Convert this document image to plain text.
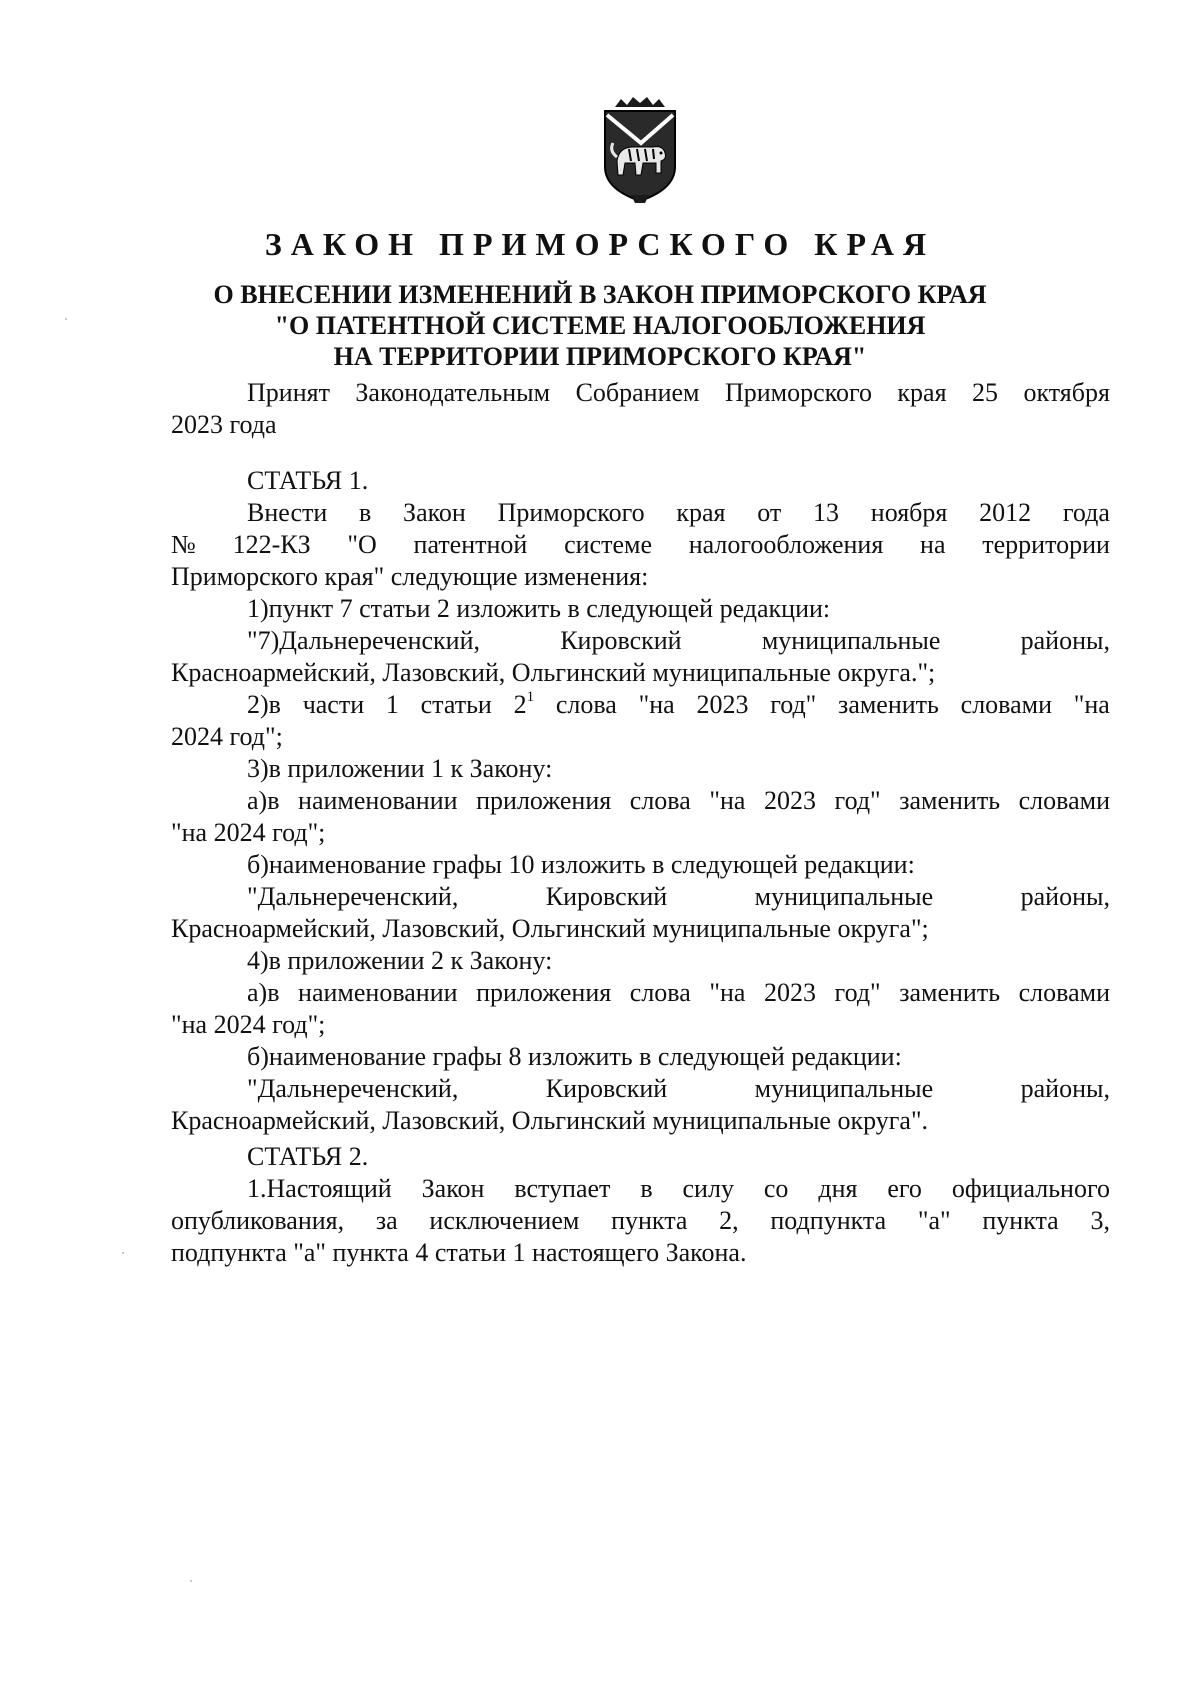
ЗАКОН ПРИМОРСКОГО КРАЯ
О ВНЕСЕНИИ ИЗМЕНЕНИЙ В ЗАКОН ПРИМОРСКОГО КРАЯ
"О ПАТЕНТНОЙ СИСТЕМЕ НАЛОГООБЛОЖЕНИЯ
НА ТЕРРИТОРИИ ПРИМОРСКОГО КРАЯ"
Принят Законодательным Собранием Приморского края 25 октября
2023 года
СТАТЬЯ 1.
Внести в Закон Приморского края от 13 ноября 2012 года
№ 122-КЗ "О патентной системе налогообложения на территории
Приморского края" следующие изменения:
1)пункт 7 статьи 2 изложить в следующей редакции:
"7)Дальнереченский,	Кировский	муниципальные	районы,
Красноармейский, Лазовский, Ольгинский муниципальные округа.";
2)в части 1 статьи $2^1$ слова "на 2023 год" заменить словами "на
2024 год";
3)в приложении 1 к Закону:
а)в наименовании приложения слова "на 2023 год" заменить словами
"на 2024 год";
б)наименование графы 10 изложить в следующей редакции:
"Дальнереченский,	Кировский	муниципальные	районы,
Красноармейский, Лазовский, Ольгинский муниципальные округа";
4)в приложении 2 к Закону:
а)в наименовании приложения слова "на 2023 год" заменить словами
"на 2024 год";
б)наименование графы 8 изложить в следующей редакции:
"Дальнереченский,	Кировский	муниципальные	районы,
Красноармейский, Лазовский, Ольгинский муниципальные округа".
СТАТЬЯ 2.
1.Настоящий Закон вступает в силу со дня его официального
опубликования, за исключением пункта 2, подпункта "а" пункта 3,
подпункта "а" пункта 4 статьи 1 настоящего Закона.
